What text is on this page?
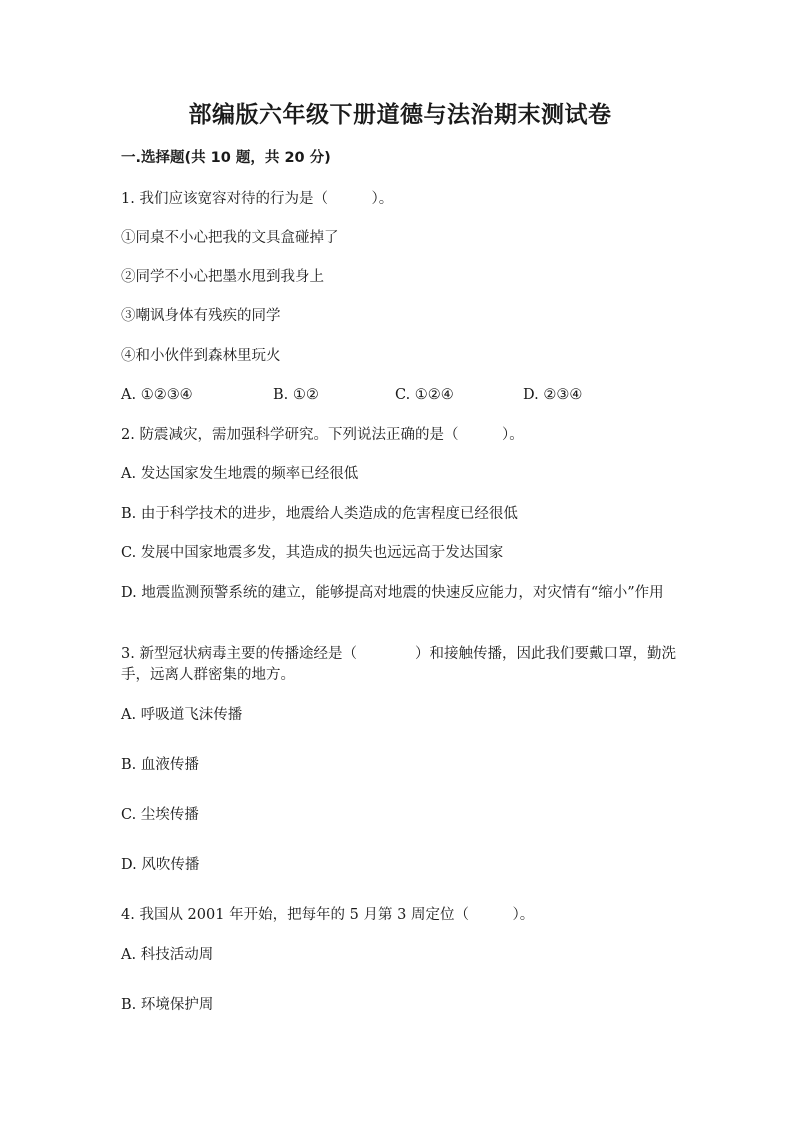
部编版六年级下册道德与法治期末测试卷
一.选择题(共 10 题，共 20 分)
1. 我们应该宽容对待的行为是（　　　）。
①同桌不小心把我的文具盒碰掉了
②同学不小心把墨水甩到我身上
③嘲讽身体有残疾的同学
④和小伙伴到森林里玩火
A. ①②③④	B. ①②	C. ①②④	D. ②③④
2. 防震减灾，需加强科学研究。下列说法正确的是（　　　）。
A. 发达国家发生地震的频率已经很低
B. 由于科学技术的进步，地震给人类造成的危害程度已经很低
C. 发展中国家地震多发，其造成的损失也远远高于发达国家
D. 地震监测预警系统的建立，能够提高对地震的快速反应能力，对灾情有“缩小”作用
3. 新型冠状病毒主要的传播途经是（　　　　）和接触传播，因此我们要戴口罩，勤洗手，远离人群密集的地方。
A. 呼吸道飞沫传播
B. 血液传播
C. 尘埃传播
D. 风吹传播
4. 我国从 2001 年开始，把每年的 5 月第 3 周定位（　　　）。
A. 科技活动周
B. 环境保护周
